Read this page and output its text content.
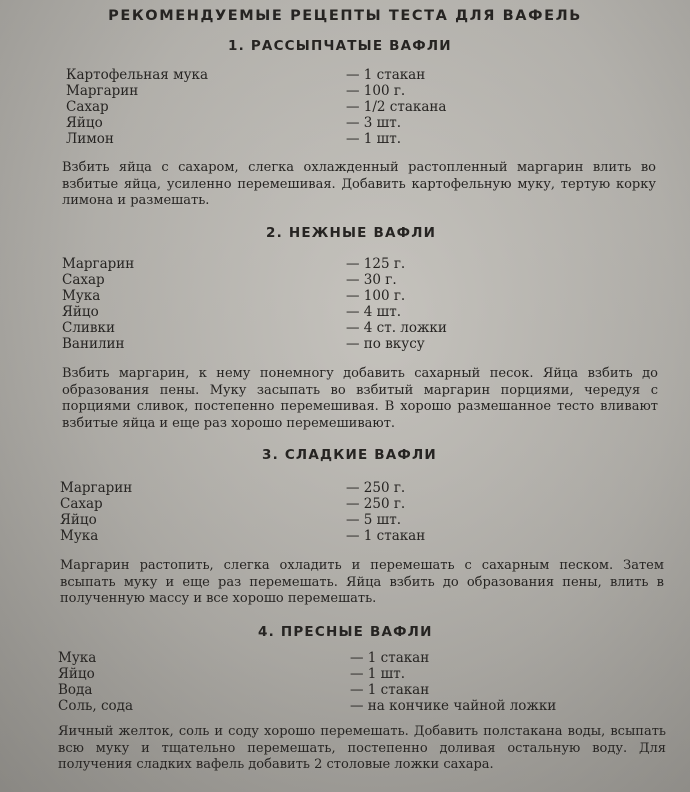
РЕКОМЕНДУЕМЫЕ РЕЦЕПТЫ ТЕСТА ДЛЯ ВАФЕЛЬ
1. РАССЫПЧАТЫЕ ВАФЛИ
Картофельная мука	— 1 стакан
Маргарин	— 100 г.
Сахар	— 1/2 стакана
Яйцо	— 3 шт.
Лимон	— 1 шт.
Взбить яйца с сахаром, слегка охлажденный растопленный маргарин влить во взбитые яйца, усиленно перемешивая. Добавить картофельную муку, тертую корку лимона и размешать.
2. НЕЖНЫЕ ВАФЛИ
Маргарин	— 125 г.
Сахар	— 30 г.
Мука	— 100 г.
Яйцо	— 4 шт.
Сливки	— 4 ст. ложки
Ванилин	— по вкусу
Взбить маргарин, к нему понемногу добавить сахарный песок. Яйца взбить до образования пены. Муку засыпать во взбитый маргарин порциями, чередуя с порциями сливок, постепенно перемешивая. В хорошо размешанное тесто вливают взбитые яйца и еще раз хорошо перемешивают.
3. СЛАДКИЕ ВАФЛИ
Маргарин	— 250 г.
Сахар	— 250 г.
Яйцо	— 5 шт.
Мука	— 1 стакан
Маргарин растопить, слегка охладить и перемешать с сахарным песком. Затем всыпать муку и еще раз перемешать. Яйца взбить до образования пены, влить в полученную массу и все хорошо перемешать.
4. ПРЕСНЫЕ ВАФЛИ
Мука	— 1 стакан
Яйцо	— 1 шт.
Вода	— 1 стакан
Соль, сода	— на кончике чайной ложки
Яичный желток, соль и соду хорошо перемешать. Добавить полстакана воды, всыпать всю муку и тщательно перемешать, постепенно доливая остальную воду. Для получения сладких вафель добавить 2 столовые ложки сахара.
